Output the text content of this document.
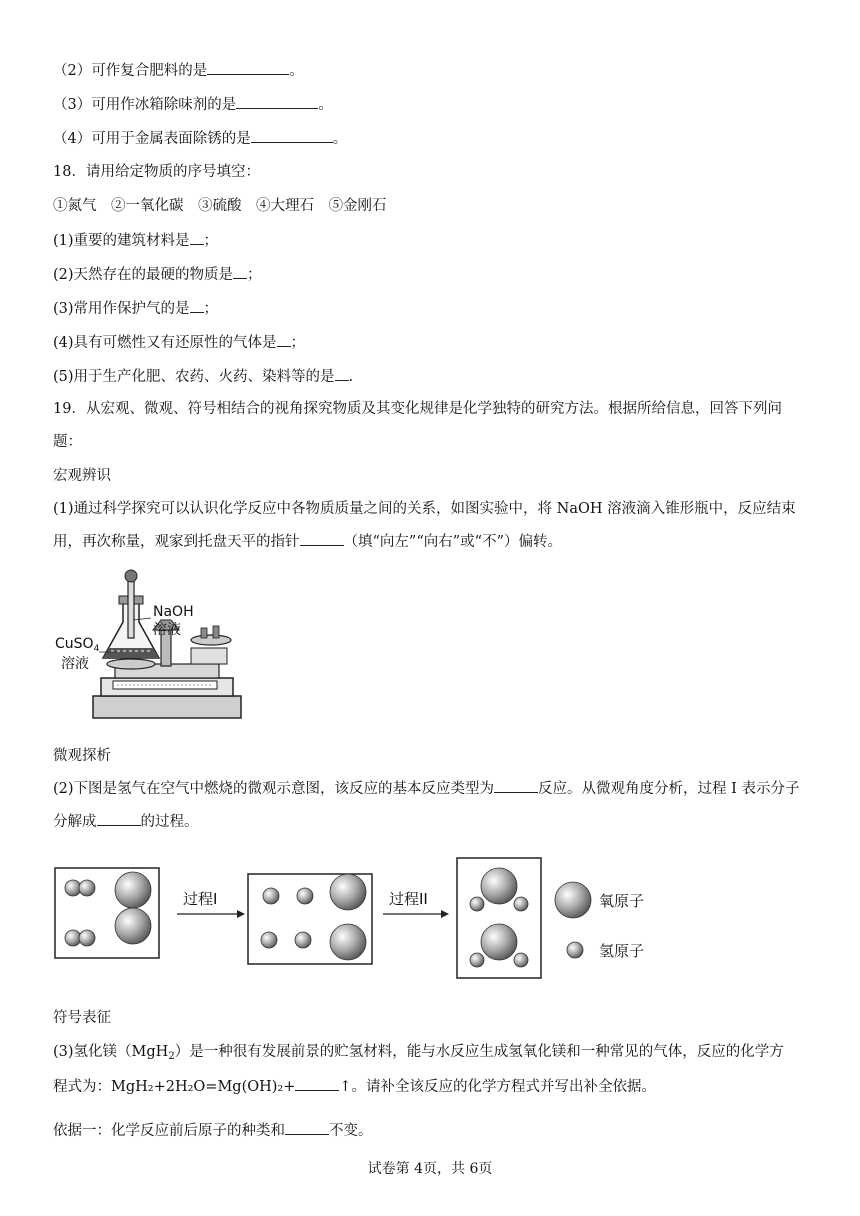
（2）可作复合肥料的是	。
（3）可用作冰箱除味剂的是	。
（4）可用于金属表面除锈的是	。
18．请用给定物质的序号填空：
①氮气　②一氧化碳　③硫酸　④大理石　⑤金刚石
(1)重要的建筑材料是 ；
(2)天然存在的最硬的物质是 ；
(3)常用作保护气的是 ；
(4)具有可燃性又有还原性的气体是 ；
(5)用于生产化肥、农药、火药、染料等的是 .
19．从宏观、微观、符号相结合的视角探究物质及其变化规律是化学独特的研究方法。根据所给信息，回答下列问题：
宏观辨识
(1)通过科学探究可以认识化学反应中各物质质量之间的关系，如图实验中，将 NaOH 溶液滴入锥形瓶中，反应结束用，再次称量，观家到托盘天平的指针	（填“向左”“向右”或“不”）偏转。
NaOH
溶液
CuSO$_4$
溶液
微观探析
(2)下图是氢气在空气中燃烧的微观示意图，该反应的基本反应类型为	反应。从微观角度分析，过程 I 表示分子分解成	的过程。
过程I	过程II	氧原子
氢原子
符号表征
(3)氢化镁（MgH$_2$）是一种很有发展前景的贮氢材料，能与水反应生成氢氧化镁和一种常见的气体，反应的化学方
程式为：MgH₂+2H₂O=Mg(OH)₂+	↑。请补全该反应的化学方程式并写出补全依据。
依据一：化学反应前后原子的种类和	不变。
试卷第 4页，共 6页
